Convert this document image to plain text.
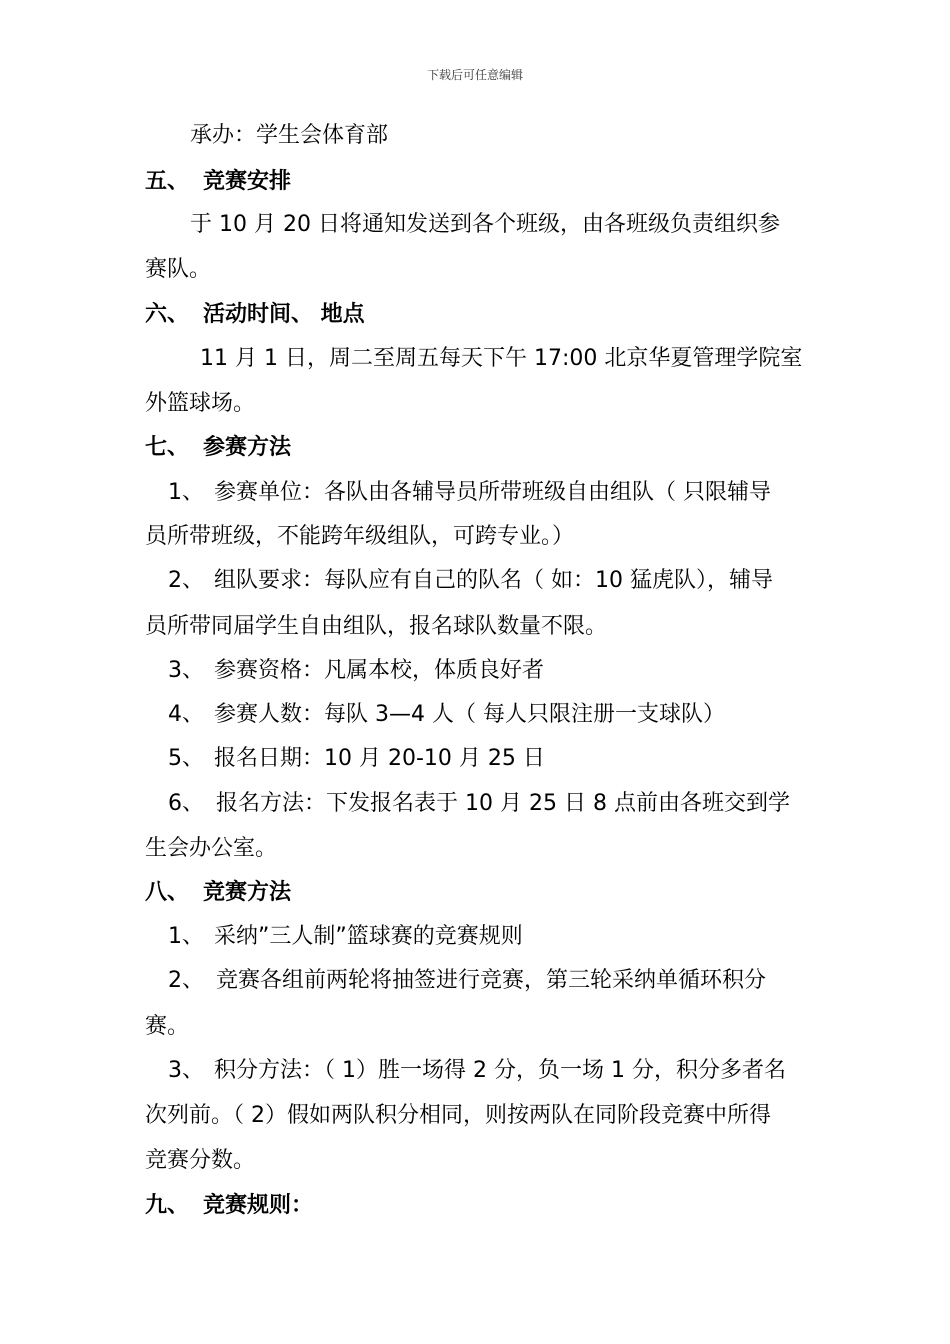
下载后可任意编辑
承办：学生会体育部
五、 竞赛安排
于 10 月 20 日将通知发送到各个班级，由各班级负责组织参
赛队。
六、 活动时间、 地点
11 月 1 日，周二至周五每天下午 17:00 北京华夏管理学院室
外篮球场。
七、 参赛方法
1、 参赛单位：各队由各辅导员所带班级自由组队（ 只限辅导
员所带班级，不能跨年级组队，可跨专业。）
2、 组队要求：每队应有自己的队名（ 如：10 猛虎队），辅导
员所带同届学生自由组队，报名球队数量不限。
3、 参赛资格：凡属本校，体质良好者
4、 参赛人数：每队 3—4 人（ 每人只限注册一支球队）
5、 报名日期：10 月 20-10 月 25 日
6、 报名方法：下发报名表于 10 月 25 日 8 点前由各班交到学
生会办公室。
八、 竞赛方法
1、 采纳”三人制”篮球赛的竞赛规则
2、 竞赛各组前两轮将抽签进行竞赛，第三轮采纳单循环积分
赛。
3、 积分方法：（ 1）胜一场得 2 分，负一场 1 分，积分多者名
次列前。（ 2）假如两队积分相同，则按两队在同阶段竞赛中所得
竞赛分数。
九、 竞赛规则：
